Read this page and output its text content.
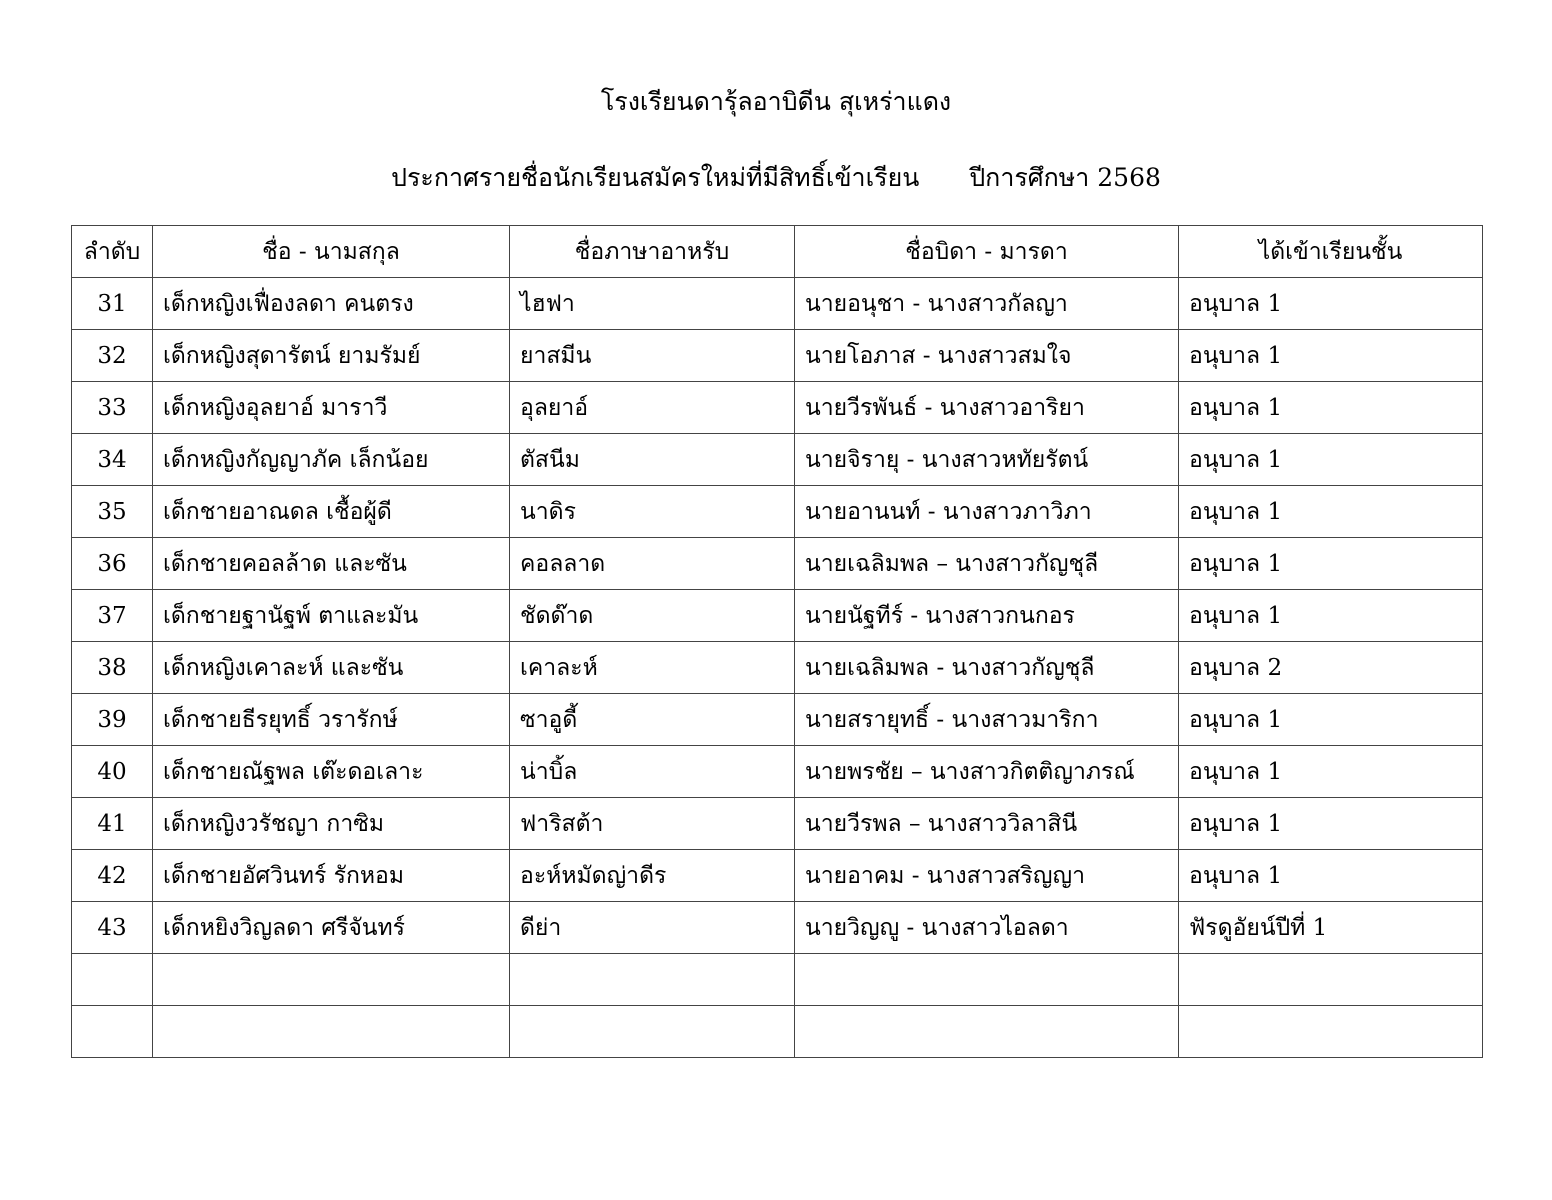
โรงเรียนดารุ้ลอาบิดีน สุเหร่าแดง
ประกาศรายชื่อนักเรียนสมัครใหม่ที่มีสิทธิ์เข้าเรียน ปีการศึกษา 2568
ลำดับ	ชื่อ - นามสกุล	ชื่อภาษาอาหรับ	ชื่อบิดา - มารดา	ได้เข้าเรียนชั้น
31	เด็กหญิงเฟื่องลดา คนตรง	ไฮฟา	นายอนุชา - นางสาวกัลญา	อนุบาล 1
32	เด็กหญิงสุดารัตน์ ยามรัมย์	ยาสมีน	นายโอภาส - นางสาวสมใจ	อนุบาล 1
33	เด็กหญิงอุลยาอ์ มาราวี	อุลยาอ์	นายวีรพันธ์ - นางสาวอาริยา	อนุบาล 1
34	เด็กหญิงกัญญาภัค เล็กน้อย	ตัสนีม	นายจิรายุ - นางสาวหทัยรัตน์	อนุบาล 1
35	เด็กชายอาณดล เชื้อผู้ดี	นาดิร	นายอานนท์ - นางสาวภาวิภา	อนุบาล 1
36	เด็กชายคอลล้าด และซัน	คอลลาด	นายเฉลิมพล – นางสาวกัญชุลี	อนุบาล 1
37	เด็กชายฐานัฐพ์ ตาและมัน	ชัดด๊าด	นายนัฐทีร์ - นางสาวกนกอร	อนุบาล 1
38	เด็กหญิงเคาละห์ และซัน	เคาละห์	นายเฉลิมพล - นางสาวกัญชุลี	อนุบาล 2
39	เด็กชายธีรยุทธิ์ วรารักษ์	ซาอูดี้	นายสรายุทธิ์ - นางสาวมาริกา	อนุบาล 1
40	เด็กชายณัฐพล เต๊ะดอเลาะ	น่าบิ้ล	นายพรชัย – นางสาวกิตติญาภรณ์	อนุบาล 1
41	เด็กหญิงวรัชญา กาซิม	ฟาริสต้า	นายวีรพล – นางสาววิลาสินี	อนุบาล 1
42	เด็กชายอัศวินทร์ รักหอม	อะห์หมัดญ่าดีร	นายอาคม - นางสาวสริญญา	อนุบาล 1
43	เด็กหยิงวิญลดา ศรีจันทร์	ดีย่า	นายวิญญู - นางสาวไอลดา	ฟัรดูอัยน์ปีที่ 1
